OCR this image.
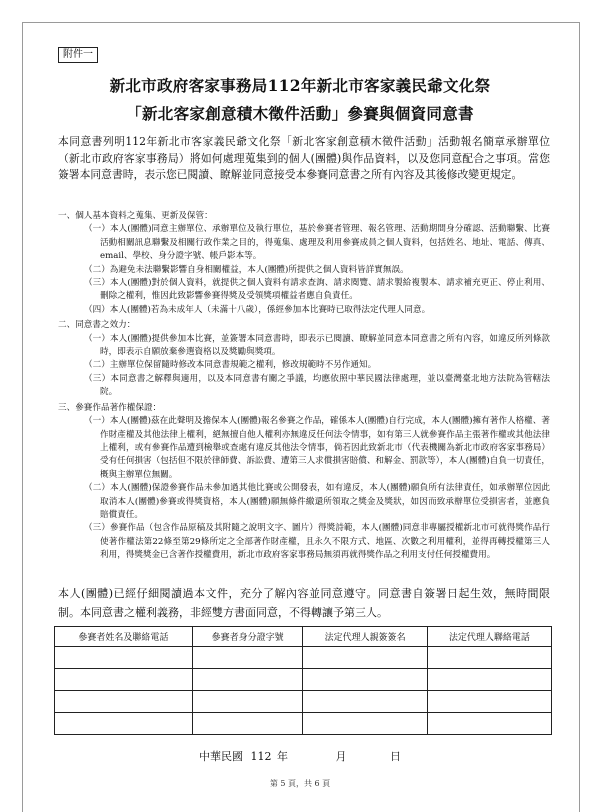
附件一
新北市政府客家事務局112年新北市客家義民爺文化祭
「新北客家創意積木徵件活動」參賽與個資同意書
本同意書列明112年新北市客家義民爺文化祭「新北客家創意積木徵件活動」活動報名簡章承辦單位（新北市政府客家事務局）將如何處理蒐集到的個人(團體)與作品資料，以及您同意配合之事項。當您簽署本同意書時，表示您已閱讀、瞭解並同意接受本參賽同意書之所有內容及其後修改變更規定。
一、個人基本資料之蒐集、更新及保管：
（一）本人(團體)同意主辦單位、承辦單位及執行單位，基於參賽者管理、報名管理、活動期間身分確認、活動聯繫、比賽活動相關訊息聯繫及相關行政作業之目的，得蒐集、處理及利用參賽成員之個人資料，包括姓名、地址、電話、傳真、email、學校、身分證字號、帳戶影本等。
（二）為避免未法聯繫影響自身相關權益，本人(團體)所提供之個人資料皆詳實無誤。
（三）本人(團體)對於個人資料，就提供之個人資料有請求查詢、請求閱覽、請求製給複製本、請求補充更正、停止利用、刪除之權利，惟因此致影響參賽得獎及受領獎項權益者應自負責任。
（四）本人(團體)若為未成年人（未滿十八歲），係經參加本比賽時已取得法定代理人同意。
二、同意書之效力：
（一）本人(團體)提供參加本比賽，並簽署本同意書時，即表示已閱讀、瞭解並同意本同意書之所有內容，如違反所列條款時，即表示自願放棄參選資格以及獎勵與獎項。
（二）主辦單位保留隨時修改本同意書規範之權利，修改規範時不另作通知。
（三）本同意書之解釋與適用，以及本同意書有關之爭議，均應依照中華民國法律處理，並以臺灣臺北地方法院為管轄法院。
三、參賽作品著作權保證：
（一）本人(團體)茲在此聲明及擔保本人(團體)報名參賽之作品，確係本人(團體)自行完成，本人(團體)擁有著作人格權、著作財產權及其他法律上權利，絕無擅自他人權利亦無違反任何法令情事，如有第三人就參賽作品主張著作權或其他法律上權利，或有參賽作品遭到檢舉或查處有違反其他法令情事，倘若因此致新北市（代表機關為新北市政府客家事務局）受有任何損害（包括但不限於律師費、訴訟費、遭第三人求償損害賠償、和解金、罰款等），本人(團體)自負一切責任，概與主辦單位無關。
（二）本人(團體)保證參賽作品未參加過其他比賽或公開發表，如有違反，本人(團體)願負所有法律責任，如承辦單位因此取消本人(團體)參賽或得獎資格，本人(團體)願無條件繳還所領取之獎金及獎狀，如因而致承辦單位受損害者，並應負賠償責任。
（三）參賽作品（包含作品原稿及其附隨之說明文字、圖片）得獎詩範，本人(團體)同意非專屬授權新北市可就得獎作品行使著作權法第22條至第29條所定之全部著作財產權，且永久不限方式、地區、次數之利用權利，並得再轉授權第三人利用，得獎獎金已含著作授權費用，新北市政府客家事務局無須再就得獎作品之利用支付任何授權費用。
本人(團體)已經仔細閱讀過本文件，充分了解內容並同意遵守。同意書自簽署日起生效，無時間限制。本同意書之權利義務，非經雙方書面同意，不得轉讓予第三人。
參賽者姓名及聯絡電話	參賽者身分證字號	法定代理人親簽簽名	法定代理人聯絡電話

中華民國 112 年	月	日
第 5 頁，共 6 頁
